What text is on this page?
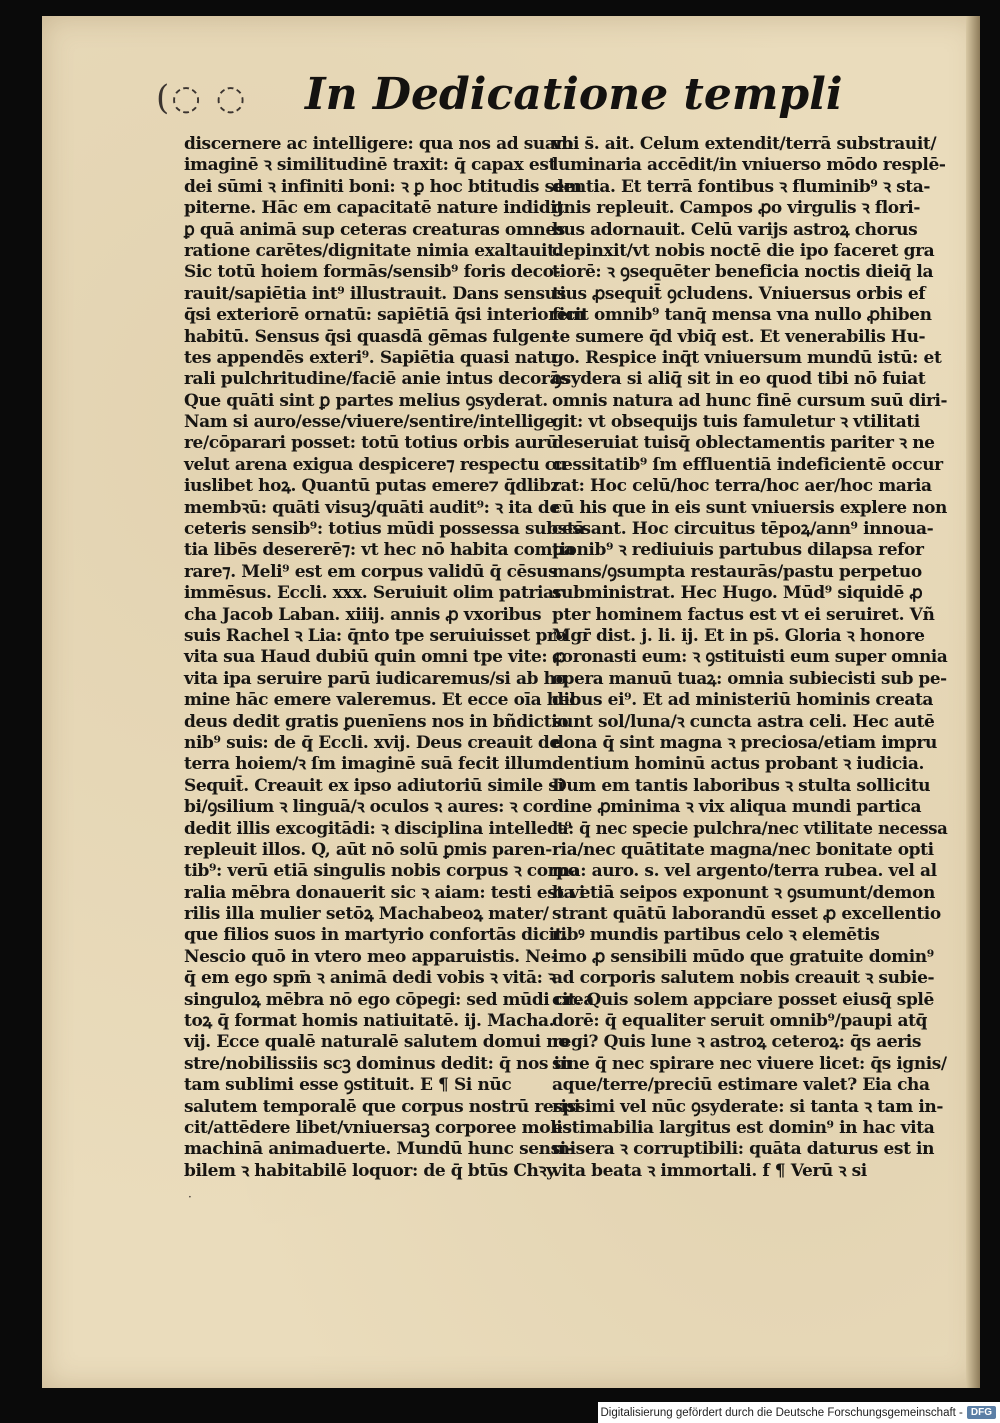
(◌ ◌ In Dedicatione templi
discernere ac intelligere: qua nos ad suam
imaginē ꝛ similitudinē traxit: q̄ capax est
dei sūmi ꝛ infiniti boni: ꝛ ꝑ hoc btitudis sem
piterne. Hāc em capacitatē nature indidit
ꝑ quā animā sup ceteras creaturas omnes
ratione carētes/dignitate nimia exaltauit.
Sic totū hoiem formās/sensib⁹ foris deco-
rauit/sapiētia int⁹ illustrauit. Dans sensus
q̄si exteriorē ornatū: sapiētiā q̄si interiorem
habitū. Sensus q̄si quasdā gēmas fulgen-
tes appendēs exteri⁹. Sapiētia quasi natu
rali pulchritudine/faciē anie intus decorās
Que quāti sint ꝑ partes melius ꝯsyderat.
Nam si auro/esse/viuere/sentire/intellige
re/cōparari posset: totū totius orbis aurū
velut arena exigua despicere⁊ respectu cu
iuslibet hoꝝ. Quantū putas emere⁊ q̄dlibz
membꝛū: quāti visuꝫ/quāti audit⁹: ꝛ ita de
ceteris sensib⁹: totius mūdi possessa substā
tia libēs desererē⁊: vt hec nō habita compa
rare⁊. Meli⁹ est em corpus validū q̄ cēsus
immēsus. Eccli. xxx. Seruiuit olim patriar
cha Jacob Laban. xiiij. annis ꝓ vxoribus
suis Rachel ꝛ Lia: q̄nto tpe seruiuisset pro
vita sua Haud dubiū quin omni tpe vite: ꝓ
vita ipa seruire parū iudicaremus/si ab ho
mine hāc emere valeremus. Et ecce oīa hec
deus dedit gratis ꝑuenīens nos in bñdictio
nib⁹ suis: de q̄ Eccli. xvij. Deus creauit de
terra hoiem/ꝛ ſm imaginē suā fecit illum.
Sequit̄. Creauit ex ipso adiutoriū simile si
bi/ꝯsilium ꝛ linguā/ꝛ oculos ꝛ aures: ꝛ cor
dedit illis excogitādi: ꝛ disciplina intellect⁹
repleuit illos. Q, aūt nō solū ꝑmis paren-
tib⁹: verū etiā singulis nobis corpus ꝛ corpo
ralia mēbra donauerit sic ꝛ aiam: testi est vi
rilis illa mulier setōꝝ Machabeoꝝ mater/
que filios suos in martyrio confortās dicit.
Nescio quō in vtero meo apparuistis. Ne-
q̄ em ego spm̄ ꝛ animā dedi vobis ꝛ vitā: ꝛ
singuloꝝ mēbra nō ego cōpegi: sed mūdi crea
toꝝ q̄ format homis natiuitatē. ij. Macha.
vij. Ecce qualē naturalē salutem domui no
stre/nobilissiis scꝫ dominus dedit: q̄ nos in
tam sublimi esse ꝯstituit. E ¶ Si nūc
salutem temporalē que corpus nostrū respi
cit/attēdere libet/vniuersaꝫ corporee molis
machinā animaduerte. Mundū hunc sensi-
bilem ꝛ habitabilē loquor: de q̄ btūs Chꝛy.
vbi s̄. ait. Celum extendit/terrā substrauit/
luminaria accēdit/in vniuerso mōdo resplē-
dentia. Et terrā fontibus ꝛ fluminib⁹ ꝛ sta-
gnis repleuit. Campos ꝓo virgulis ꝛ flori-
bus adornauit. Celū varijs astroꝝ chorus
depinxit/vt nobis noctē die ipo faceret gra
tiorē: ꝛ ꝯsequēter beneficia noctis dieiq̄ la
tius ꝓsequit̄ ꝯcludens. Vniuersus orbis ef
ficit omnib⁹ tanq̄ mensa vna nullo ꝓhiben
te sumere q̄d vbiq̄ est. Et venerabilis Hu-
go. Respice inq̄t vniuersum mundū istū: et
ꝯsydera si aliq̄ sit in eo quod tibi nō fuiat
omnis natura ad hunc finē cursum suū diri-
git: vt obsequijs tuis famuletur ꝛ vtilitati
deseruiat tuisq̄ oblectamentis pariter ꝛ ne
cessitatib⁹ ſm effluentiā indeficientē occur
rat: Hoc celū/hoc terra/hoc aer/hoc maria
cū his que in eis sunt vniuersis explere non
cessant. Hoc circuitus tēpoꝝ/ann⁹ innoua-
tionib⁹ ꝛ rediuiuis partubus dilapsa refor
mans/ꝯsumpta restaurās/pastu perpetuo
subministrat. Hec Hugo. Mūd⁹ siquidē ꝓ
pter hominem factus est vt ei seruiret. Vñ
Mgr̄ dist. j. li. ij. Et in ps̄. Gloria ꝛ honore
coronasti eum: ꝛ ꝯstituisti eum super omnia
opera manuū tuaꝝ: omnia subiecisti sub pe-
dibus ei⁹. Et ad ministeriū hominis creata
sunt sol/luna/ꝛ cuncta astra celi. Hec autē
dona q̄ sint magna ꝛ preciosa/etiam impru
dentium hominū actus probant ꝛ iudicia.
Dum em tantis laboribus ꝛ stulta sollicitu
dine ꝓminima ꝛ vix aliqua mundi partica
la: q̄ nec specie pulchra/nec vtilitate necessa
ria/nec quātitate magna/nec bonitate opti
ma: auro. s. vel argento/terra rubea. vel al
ba etiā seipos exponunt ꝛ ꝯsumunt/demon
strant quātū laborandū esset ꝓ excellentio
ribꝰ mundis partibus celo ꝛ elemētis
imo ꝓ sensibili mūdo que gratuite domin⁹
ad corporis salutem nobis creauit ꝛ subie-
cit. Quis solem appciare posset eiusq̄ splē
dorē: q̄ equaliter seruit omnib⁹/paupi atq̄
regi? Quis lune ꝛ astroꝝ ceteroꝝ: q̄s aeris
sine q̄ nec spirare nec viuere licet: q̄s ignis/
aque/terre/preciū estimare valet? Eia cha
rissimi vel nūc ꝯsyderate: si tanta ꝛ tam in-
estimabilia largitus est domin⁹ in hac vita
misera ꝛ corruptibili: quāta daturus est in
vita beata ꝛ immortali. f ¶ Verū ꝛ si
·
Digitalisierung gefördert durch die Deutsche Forschungsgemeinschaft - DFG
